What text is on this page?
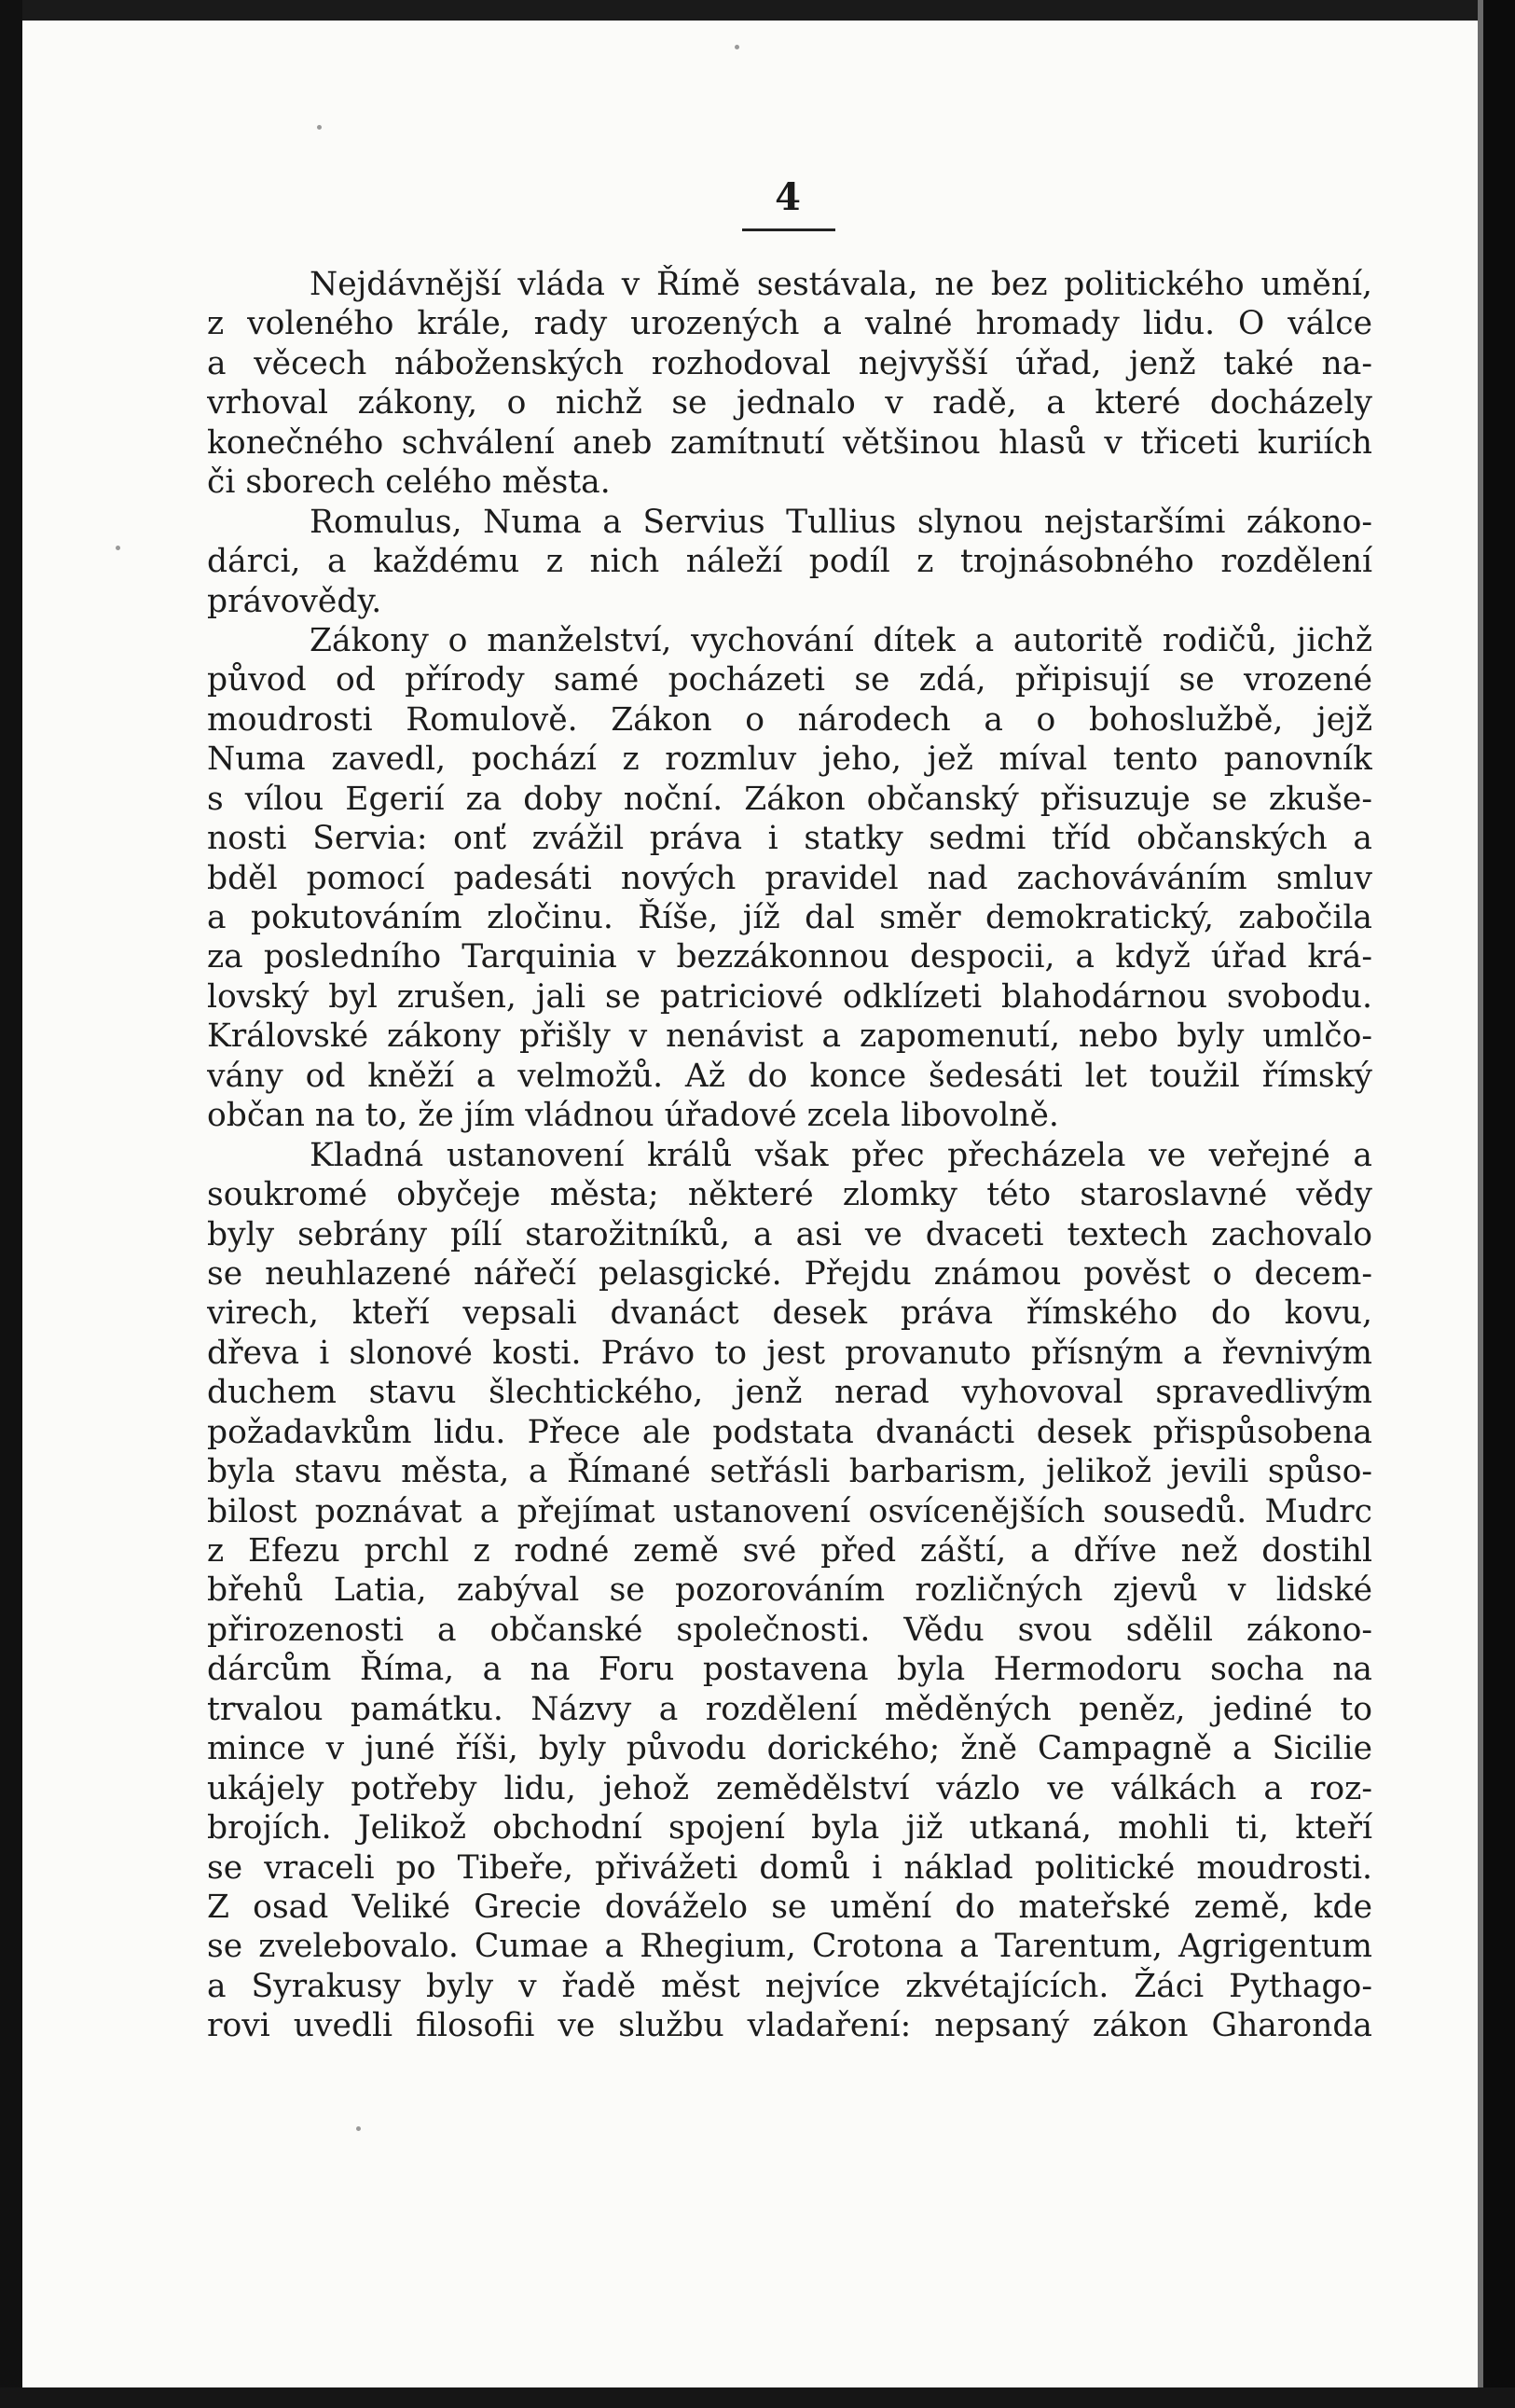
4
Nejdávnější vláda v Římě sestávala, ne bez politického umění,
z voleného krále, rady urozených a valné hromady lidu. O válce
a věcech náboženských rozhodoval nejvyšší úřad, jenž také na-
vrhoval zákony, o nichž se jednalo v radě, a které docházely
konečného schválení aneb zamítnutí většinou hlasů v třiceti kuriích
či sborech celého města.
Romulus, Numa a Servius Tullius slynou nejstaršími zákono-
dárci, a každému z nich náleží podíl z trojnásobného rozdělení
právovědy.
Zákony o manželství, vychování dítek a autoritě rodičů, jichž
původ od přírody samé pocházeti se zdá, připisují se vrozené
moudrosti Romulově. Zákon o národech a o bohoslužbě, jejž
Numa zavedl, pochází z rozmluv jeho, jež míval tento panovník
s vílou Egerií za doby noční. Zákon občanský přisuzuje se zkuše-
nosti Servia: onť zvážil práva i statky sedmi tříd občanských a
bděl pomocí padesáti nových pravidel nad zachováváním smluv
a pokutováním zločinu. Říše, jíž dal směr demokratický, zabočila
za posledního Tarquinia v bezzákonnou despocii, a když úřad krá-
lovský byl zrušen, jali se patriciové odklízeti blahodárnou svobodu.
Královské zákony přišly v nenávist a zapomenutí, nebo byly umlčo-
vány od kněží a velmožů. Až do konce šedesáti let toužil římský
občan na to, že jím vládnou úřadové zcela libovolně.
Kladná ustanovení králů však přec přecházela ve veřejné a
soukromé obyčeje města; některé zlomky této staroslavné vědy
byly sebrány pílí starožitníků, a asi ve dvaceti textech zachovalo
se neuhlazené nářečí pelasgické. Přejdu známou pověst o decem-
virech, kteří vepsali dvanáct desek práva římského do kovu,
dřeva i slonové kosti. Právo to jest provanuto přísným a řevnivým
duchem stavu šlechtického, jenž nerad vyhovoval spravedlivým
požadavkům lidu. Přece ale podstata dvanácti desek přispůsobena
byla stavu města, a Římané setřásli barbarism, jelikož jevili spůso-
bilost poznávat a přejímat ustanovení osvícenějších sousedů. Mudrc
z Efezu prchl z rodné země své před záští, a dříve než dostihl
břehů Latia, zabýval se pozorováním rozličných zjevů v lidské
přirozenosti a občanské společnosti. Vědu svou sdělil zákono-
dárcům Říma, a na Foru postavena byla Hermodoru socha na
trvalou památku. Názvy a rozdělení měděných peněz, jediné to
mince v juné říši, byly původu dorického; žně Campagně a Sicilie
ukájely potřeby lidu, jehož zemědělství vázlo ve válkách a roz-
brojích. Jelikož obchodní spojení byla již utkaná, mohli ti, kteří
se vraceli po Tibeře, přivážeti domů i náklad politické moudrosti.
Z osad Veliké Grecie dováželo se umění do mateřské země, kde
se zvelebovalo. Cumae a Rhegium, Crotona a Tarentum, Agrigentum
a Syrakusy byly v řadě měst nejvíce zkvétajících. Žáci Pythago-
rovi uvedli filosofii ve službu vladaření: nepsaný zákon Gharonda
